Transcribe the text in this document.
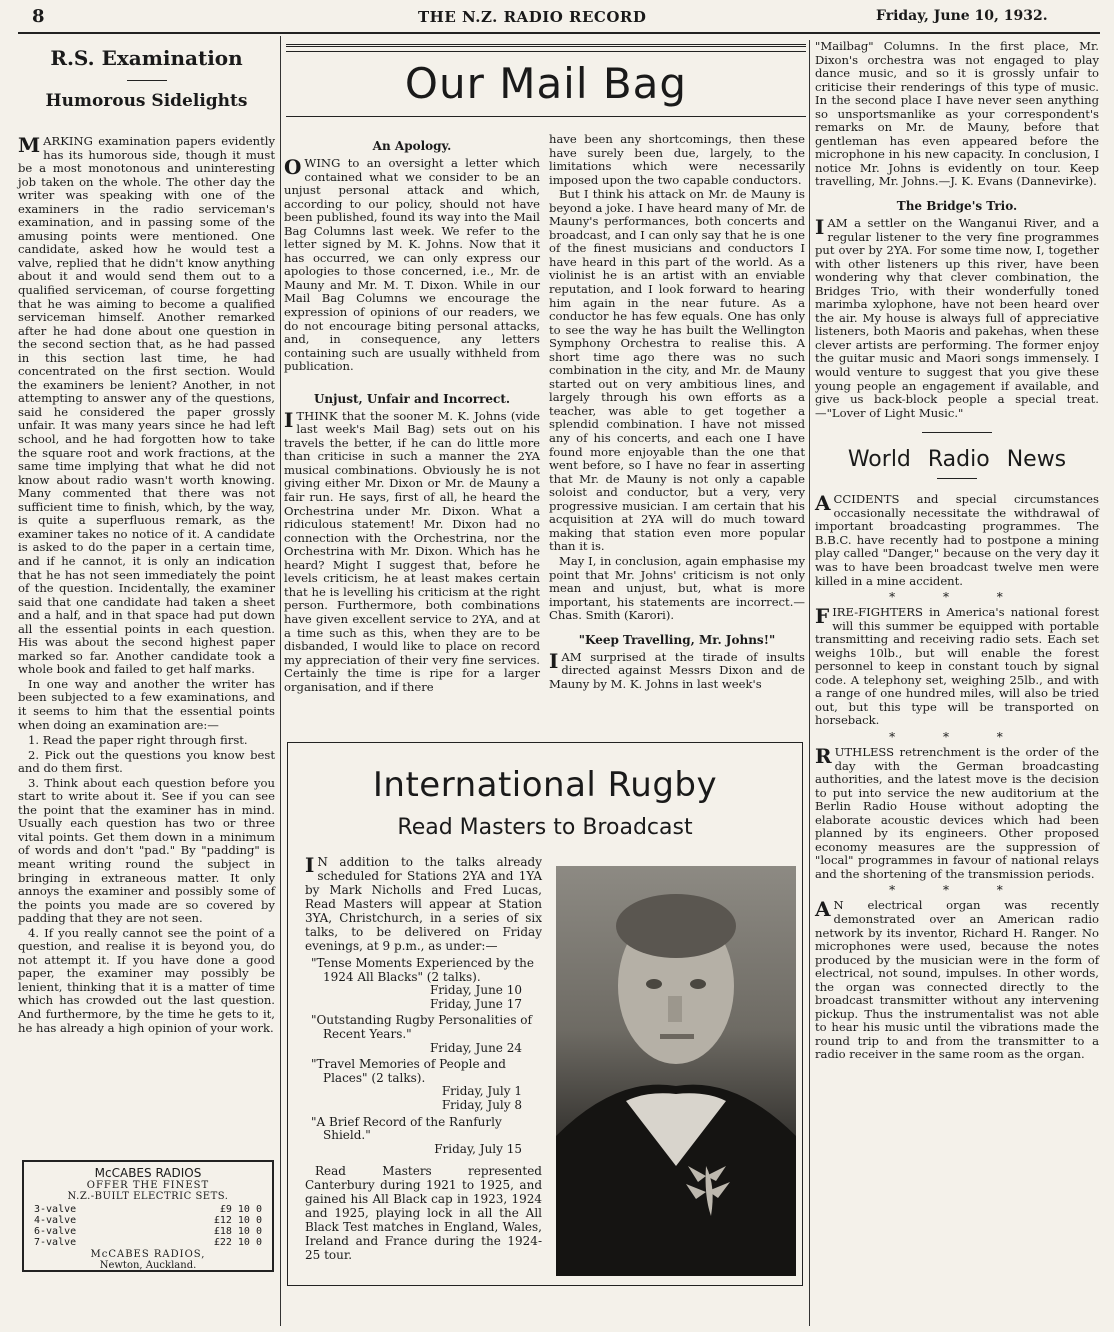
8	THE N.Z. RADIO RECORD	Friday, June 10, 1932.
R.S. Examination
Humorous Sidelights

MARKING examination papers evidently has its humorous side, though it must be a most monotonous and uninteresting job taken on the whole. The other day the writer was speaking with one of the examiners in the radio serviceman's examination, and in passing some of the amusing points were mentioned. One candidate, asked how he would test a valve, replied that he didn't know anything about it and would send them out to a qualified serviceman, of course forgetting that he was aiming to become a qualified serviceman himself. Another remarked after he had done about one question in the second section that, as he had passed in this section last time, he had concentrated on the first section. Would the examiners be lenient? Another, in not attempting to answer any of the questions, said he considered the paper grossly unfair. It was many years since he had left school, and he had forgotten how to take the square root and work fractions, at the same time implying that what he did not know about radio wasn't worth knowing. Many commented that there was not sufficient time to finish, which, by the way, is quite a superfluous remark, as the examiner takes no notice of it. A candidate is asked to do the paper in a certain time, and if he cannot, it is only an indication that he has not seen immediately the point of the question. Incidentally, the examiner said that one candidate had taken a sheet and a half, and in that space had put down all the essential points in each question. His was about the second highest paper marked so far. Another candidate took a whole book and failed to get half marks.

In one way and another the writer has been subjected to a few examinations, and it seems to him that the essential points when doing an examination are:—

1. Read the paper right through first.

2. Pick out the questions you know best and do them first.

3. Think about each question before you start to write about it. See if you can see the point that the examiner has in mind. Usually each question has two or three vital points. Get them down in a minimum of words and don't "pad." By "padding" is meant writing round the subject in bringing in extraneous matter. It only annoys the examiner and possibly some of the points you made are so covered by padding that they are not seen.

4. If you really cannot see the point of a question, and realise it is beyond you, do not attempt it. If you have done a good paper, the examiner may possibly be lenient, thinking that it is a matter of time which has crowded out the last question. And furthermore, by the time he gets to it, he has already a high opinion of your work.

McCABES RADIOS
OFFER THE FINEST
N.Z.-BUILT ELECTRIC SETS.
3-valve	£9 10 0
4-valve	£12 10 0
6-valve	£18 10 0
7-valve	£22 10 0
McCABES RADIOS,
Newton, Auckland.
Our Mail Bag
An Apology.

OWING to an oversight a letter which contained what we consider to be an unjust personal attack and which, according to our policy, should not have been published, found its way into the Mail Bag Columns last week. We refer to the letter signed by M. K. Johns. Now that it has occurred, we can only express our apologies to those concerned, i.e., Mr. de Mauny and Mr. M. T. Dixon. While in our Mail Bag Columns we encourage the expression of opinions of our readers, we do not encourage biting personal attacks, and, in consequence, any letters containing such are usually withheld from publication.

Unjust, Unfair and Incorrect.

ITHINK that the sooner M. K. Johns (vide last week's Mail Bag) sets out on his travels the better, if he can do little more than criticise in such a manner the 2YA musical combinations. Obviously he is not giving either Mr. Dixon or Mr. de Mauny a fair run. He says, first of all, he heard the Orchestrina under Mr. Dixon. What a ridiculous statement! Mr. Dixon had no connection with the Orchestrina, nor the Orchestrina with Mr. Dixon. Which has he heard? Might I suggest that, before he levels criticism, he at least makes certain that he is levelling his criticism at the right person. Furthermore, both combinations have given excellent service to 2YA, and at a time such as this, when they are to be disbanded, I would like to place on record my appreciation of their very fine services. Certainly the time is ripe for a larger organisation, and if there

have been any shortcomings, then these have surely been due, largely, to the limitations which were necessarily imposed upon the two capable conductors.

But I think his attack on Mr. de Mauny is beyond a joke. I have heard many of Mr. de Mauny's performances, both concerts and broadcast, and I can only say that he is one of the finest musicians and conductors I have heard in this part of the world. As a violinist he is an artist with an enviable reputation, and I look forward to hearing him again in the near future. As a conductor he has few equals. One has only to see the way he has built the Wellington Symphony Orchestra to realise this. A short time ago there was no such combination in the city, and Mr. de Mauny started out on very ambitious lines, and largely through his own efforts as a teacher, was able to get together a splendid combination. I have not missed any of his concerts, and each one I have found more enjoyable than the one that went before, so I have no fear in asserting that Mr. de Mauny is not only a capable soloist and conductor, but a very, very progressive musician. I am certain that his acquisition at 2YA will do much toward making that station even more popular than it is.

May I, in conclusion, again emphasise my point that Mr. Johns' criticism is not only mean and unjust, but, what is more important, his statements are incorrect.—Chas. Smith (Karori).

"Keep Travelling, Mr. Johns!"

IAM surprised at the tirade of insults directed against Messrs Dixon and de Mauny by M. K. Johns in last week's

"Mailbag" Columns. In the first place, Mr. Dixon's orchestra was not engaged to play dance music, and so it is grossly unfair to criticise their renderings of this type of music. In the second place I have never seen anything so unsportsmanlike as your correspondent's remarks on Mr. de Mauny, before that gentleman has even appeared before the microphone in his new capacity. In conclusion, I notice Mr. Johns is evidently on tour. Keep travelling, Mr. Johns.—J. K. Evans (Dannevirke).

The Bridge's Trio.

IAM a settler on the Wanganui River, and a regular listener to the very fine programmes put over by 2YA. For some time now, I, together with other listeners up this river, have been wondering why that clever combination, the Bridges Trio, with their wonderfully toned marimba xylophone, have not been heard over the air. My house is always full of appreciative listeners, both Maoris and pakehas, when these clever artists are performing. The former enjoy the guitar music and Maori songs immensely. I would venture to suggest that you give these young people an engagement if available, and give us back-block people a special treat.—"Lover of Light Music."

World Radio News

ACCIDENTS and special circumstances occasionally necessitate the withdrawal of important broadcasting programmes. The B.B.C. have recently had to postpone a mining play called "Danger," because on the very day it was to have been broadcast twelve men were killed in a mine accident.

* * *

FIRE-FIGHTERS in America's national forest will this summer be equipped with portable transmitting and receiving radio sets. Each set weighs 10lb., but will enable the forest personnel to keep in constant touch by signal code. A telephony set, weighing 25lb., and with a range of one hundred miles, will also be tried out, but this type will be transported on horseback.

* * *

RUTHLESS retrenchment is the order of the day with the German broadcasting authorities, and the latest move is the decision to put into service the new auditorium at the Berlin Radio House without adopting the elaborate acoustic devices which had been planned by its engineers. Other proposed economy measures are the suppression of "local" programmes in favour of national relays and the shortening of the transmission periods.

* * *

A N electrical organ was recently demonstrated over an American radio network by its inventor, Richard H. Ranger. No microphones were used, because the notes produced by the musician were in the form of electrical, not sound, impulses. In other words, the organ was connected directly to the broadcast transmitter without any intervening pickup. Thus the instrumentalist was not able to hear his music until the vibrations made the round trip to and from the transmitter to a radio receiver in the same room as the organ.

International Rugby
Read Masters to Broadcast

I N addition to the talks already scheduled for Stations 2YA and 1YA by Mark Nicholls and Fred Lucas, Read Masters will appear at Station 3YA, Christchurch, in a series of six talks, to be delivered on Friday evenings, at 9 p.m., as under:—

"Tense Moments Experienced by the 1924 All Blacks" (2 talks).
Friday, June 10
Friday, June 17
"Outstanding Rugby Personalities of Recent Years."
Friday, June 24
"Travel Memories of People and Places" (2 talks).
Friday, July 1
Friday, July 8
"A Brief Record of the Ranfurly Shield."
Friday, July 15

Read Masters represented Canterbury during 1921 to 1925, and gained his All Black cap in 1923, 1924 and 1925, playing lock in all the All Black Test matches in England, Wales, Ireland and France during the 1924-25 tour.
